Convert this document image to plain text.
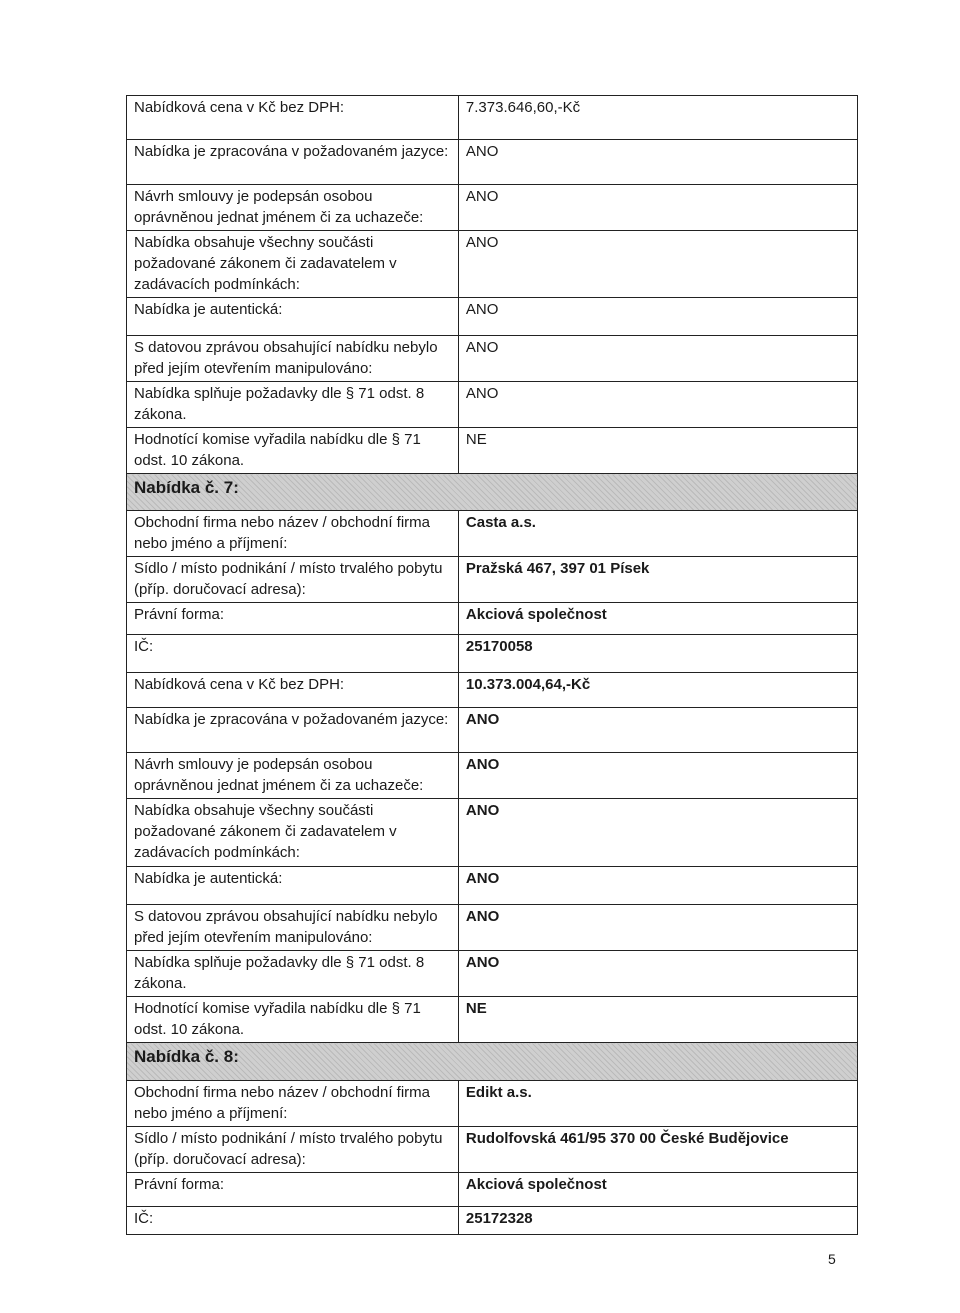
Nabídková cena v Kč bez DPH:	7.373.646,60,-Kč
Nabídka je zpracována v požadovaném jazyce:	ANO
Návrh smlouvy je podepsán osobou oprávněnou jednat jménem či za uchazeče:	ANO
Nabídka obsahuje všechny součásti požadované zákonem či zadavatelem v zadávacích podmínkách:	ANO
Nabídka je autentická:	ANO
S datovou zprávou obsahující nabídku nebylo před jejím otevřením manipulováno:	ANO
Nabídka splňuje požadavky dle § 71 odst. 8 zákona.	ANO
Hodnotící komise vyřadila nabídku dle § 71 odst. 10 zákona.	NE
Nabídka č. 7:	
Obchodní firma nebo název / obchodní firma nebo jméno a příjmení:	Casta a.s.
Sídlo / místo podnikání / místo trvalého pobytu (příp. doručovací adresa):	Pražská 467, 397 01 Písek
Právní forma:	Akciová společnost
IČ:	25170058
Nabídková cena v Kč bez DPH:	10.373.004,64,-Kč
Nabídka je zpracována v požadovaném jazyce:	ANO
Návrh smlouvy je podepsán osobou oprávněnou jednat jménem či za uchazeče:	ANO
Nabídka obsahuje všechny součásti požadované zákonem či zadavatelem v zadávacích podmínkách:	ANO
Nabídka je autentická:	ANO
S datovou zprávou obsahující nabídku nebylo před jejím otevřením manipulováno:	ANO
Nabídka splňuje požadavky dle § 71 odst. 8 zákona.	ANO
Hodnotící komise vyřadila nabídku dle § 71 odst. 10 zákona.	NE
Nabídka č. 8:	
Obchodní firma nebo název / obchodní firma nebo jméno a příjmení:	Edikt a.s.
Sídlo / místo podnikání / místo trvalého pobytu (příp. doručovací adresa):	Rudolfovská 461/95 370 00 České Budějovice
Právní forma:	Akciová společnost
IČ:	25172328
5
